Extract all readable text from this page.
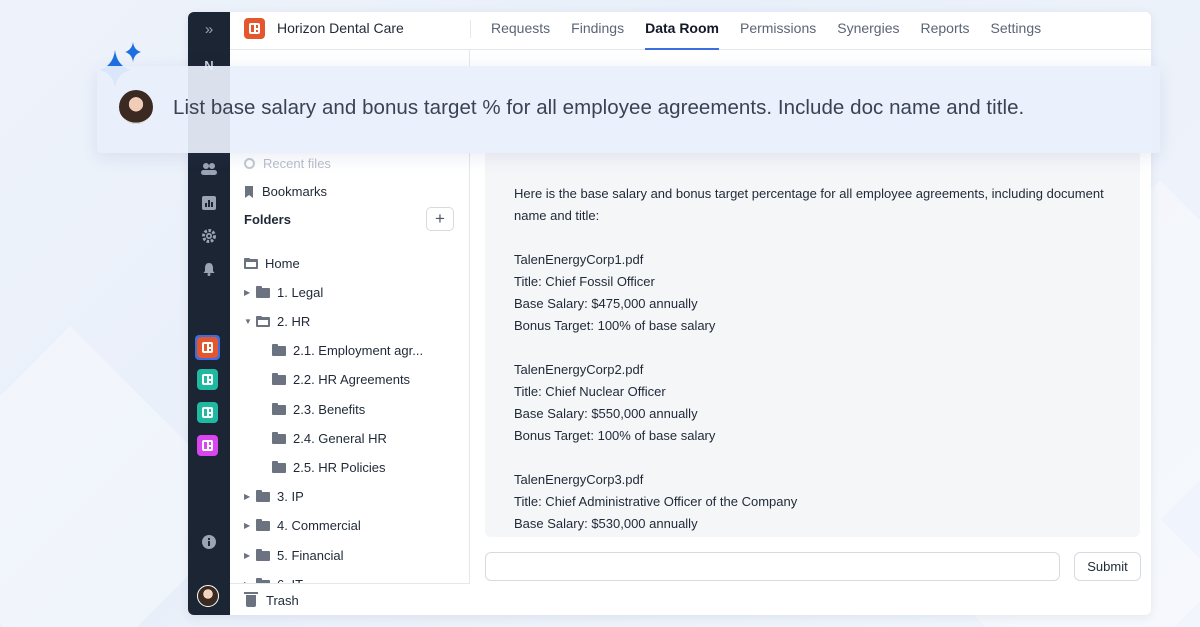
»	Horizon Dental Care	Requests	Findings	Data Room	Permissions	Synergies	Reports	Settings
Recent files
Bookmarks
Folders	+
Home
▶	1. Legal
▼	2. HR
2.1. Employment agr...
2.2. HR Agreements
2.3. Benefits
2.4. General HR
2.5. HR Policies
▶	3. IP
▶	4. Commercial
▶	5. Financial
Trash
Here is the base salary and bonus target percentage for all employee agreements, including document name and title:

TalenEnergyCorp1.pdf
Title: Chief Fossil Officer
Base Salary: $475,000 annually
Bonus Target: 100% of base salary

TalenEnergyCorp2.pdf
Title: Chief Nuclear Officer
Base Salary: $550,000 annually
Bonus Target: 100% of base salary

TalenEnergyCorp3.pdf
Title: Chief Administrative Officer of the Company
Base Salary: $530,000 annually
Submit
List base salary and bonus target % for all employee agreements. Include doc name and title.
